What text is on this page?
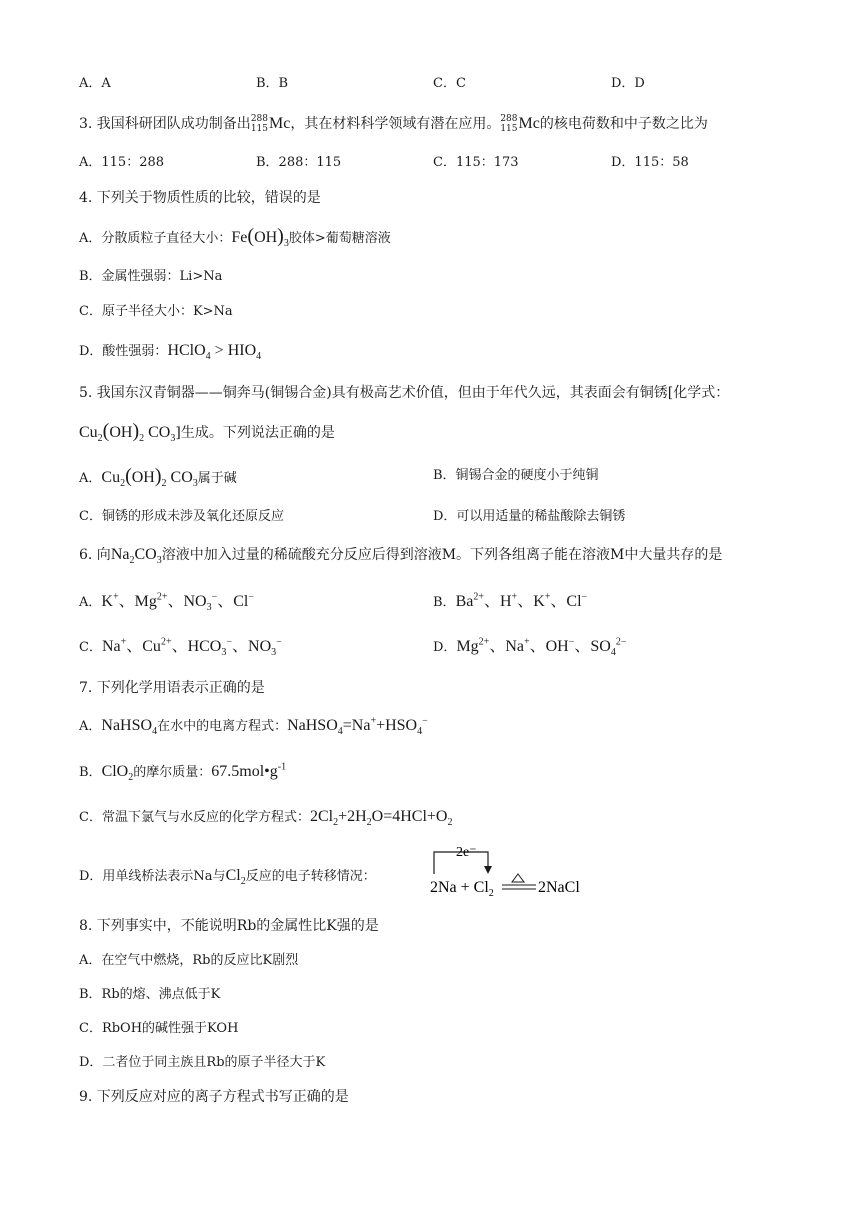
A．A	B．B	C．C	D．D
3. 我国科研团队成功制备出288
115Mc，其在材料科学领域有潜在应用。288
115Mc的核电荷数和中子数之比为
A．115：288	B．288：115	C．115：173	D．115：58
4. 下列关于物质性质的比较，错误的是
A．分散质粒子直径大小：$Fe(OH)_3$胶体>葡萄糖溶液
B．金属性强弱：Li>Na
C．原子半径大小：K>Na
D．酸性强弱：HClO$_4$ > $HIO_4$
5. 我国东汉青铜器——铜奔马(铜锡合金)具有极高艺术价值，但由于年代久远，其表面会有铜锈[化学式：
$Cu_2(OH)_2$ $CO_3$]生成。下列说法正确的是
A．$Cu_2(OH)_2$ $CO_3$属于碱	B．铜锡合金的硬度小于纯铜
C．铜锈的形成未涉及氧化还原反应	D．可以用适量的稀盐酸除去铜锈
6. 向$Na_2CO_3$溶液中加入过量的稀硫酸充分反应后得到溶液M。下列各组离子能在溶液M中大量共存的是
A．K+、$Mg^{2+}$、$NO_3^-$、Cl−	B．$Ba^{2+}$、H+、K+、Cl−
C．Na+、$Cu^{2+}$、$HCO_3^-$、$NO_3^-$	D．$Mg^{2+}$、Na+、OH−、$SO_4^{2-}$
7. 下列化学用语表示正确的是
A．NaHSO$_4$在水中的电离方程式：$NaHSO_4=Na^++HSO_4^-$
B．ClO$_2$的摩尔质量：$67.5mol•g^{-1}$
C．常温下氯气与水反应的化学方程式：$2Cl_2+2H_2O=4HCl+O_2$
D．用单线桥法表示Na与$Cl_2$反应的电子转移情况：
2e⁻
$2Na + Cl_2$	2NaCl
8. 下列事实中，不能说明Rb的金属性比K强的是
A．在空气中燃烧，Rb的反应比K剧烈
B．Rb的熔、沸点低于K
C．RbOH的碱性强于KOH
D．二者位于同主族且Rb的原子半径大于K
9. 下列反应对应的离子方程式书写正确的是
